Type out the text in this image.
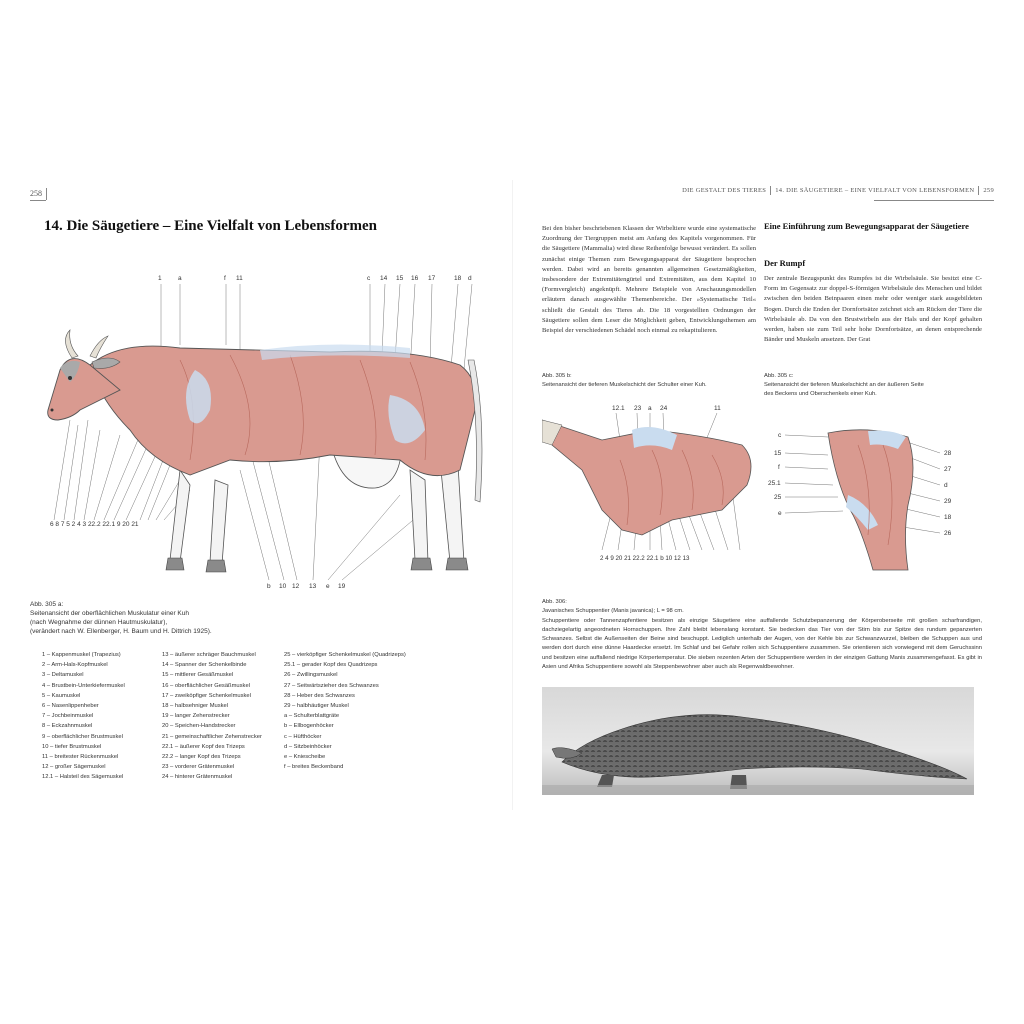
258
14. Die Säugetiere – Eine Vielfalt von Lebensformen
1	a	f 11	c 14 15 16 17	18 d
6 8 7 5 2 4 3 22.2 22.1 9 20 21
b 10 12 13 e 19
Abb. 305 a:
Seitenansicht der oberflächlichen Muskulatur einer Kuh
(nach Wegnahme der dünnen Hautmuskulatur),
(verändert nach W. Ellenberger, H. Baum und H. Dittrich 1925).
1 – Kappenmuskel (Trapezius)
2 – Arm-Hals-Kopfmuskel
3 – Deltamuskel
4 – Brustbein-Unterkiefermuskel
5 – Kaumuskel
6 – Nasenlippenheber
7 – Jochbeinmuskel
8 – Eckzahnmuskel
9 – oberflächlicher Brustmuskel
10 – tiefer Brustmuskel
11 – breitester Rückenmuskel
12 – großer Sägemuskel
12.1 – Halsteil des Sägemuskel
13 – äußerer schräger Bauchmuskel
14 – Spanner der Schenkelbinde
15 – mittlerer Gesäßmuskel
16 – oberflächlicher Gesäßmuskel
17 – zweiköpfiger Schenkelmuskel
18 – halbsehniger Muskel
19 – langer Zehenstrecker
20 – Speichen-Handstrecker
21 – gemeinschaftlicher Zehenstrecker
22.1 – äußerer Kopf des Trizeps
22.2 – langer Kopf des Trizeps
23 – vorderer Grätenmuskel
24 – hinterer Grätenmuskel
25 – vierköpfiger Schenkelmuskel (Quadrizeps)
25.1 – gerader Kopf des Quadrizeps
26 – Zwillingsmuskel
27 – Seitwärtszieher des Schwanzes
28 – Heber des Schwanzes
29 – halbhäutiger Muskel
a – Schulterblattgräte
b – Ellbogenhöcker
c – Hüfthöcker
d – Sitzbeinhöcker
e – Kniescheibe
f – breites Beckenband
DIE GESTALT DES TIERES 14. DIE SÄUGETIERE – EINE VIELFALT VON LEBENSFORMEN 259
Bei den bisher beschriebenen Klassen der Wirbeltiere wurde eine systematische Zuordnung der Tiergruppen meist am Anfang des Kapitels vorgenommen. Für die Säugetiere (Mammalia) wird diese Reihenfolge bewusst verändert. Es sollen zunächst einige Themen zum Bewegungsapparat der Säugetiere besprochen werden. Dabei wird an bereits genannten allgemeinen Gesetzmäßigkeiten, insbesondere der Extremitätengürtel und Extremitäten, aus dem Kapitel 10 (Formvergleich) angeknüpft. Mehrere Beispiele von Anschauungsmodellen erläutern danach ausgewählte Themenbereiche. Der »Systematische Teil« schließt die Gestalt des Tieres ab. Die 18 vorgestellten Ordnungen der Säugetiere sollen dem Leser die Möglichkeit geben, Entwicklungsthemen am Beispiel der verschiedenen Schädel noch einmal zu rekapitulieren.
Eine Einführung zum Bewegungsapparat der Säugetiere
Der Rumpf
Der zentrale Bezugspunkt des Rumpfes ist die Wirbelsäule. Sie besitzt eine C-Form im Gegensatz zur doppel-S-förmigen Wirbelsäule des Menschen und bildet zwischen den beiden Beinpaaren einen mehr oder weniger stark ausgebildeten Bogen. Durch die Enden der Dornfortsätze zeichnet sich am Rücken der Tiere die Wirbelsäule ab. Da von den Brustwirbeln aus der Hals und der Kopf gehalten werden, haben sie zum Teil sehr hohe Dornfortsätze, an denen entsprechende Bänder und Muskeln ansetzen. Der Grat
Abb. 305 b:
Seitenansicht der tieferen Muskelschicht der Schulter einer Kuh.
Abb. 305 c:
Seitenansicht der tieferen Muskelschicht an der äußeren Seite
des Beckens und Oberschenkels einer Kuh.
12.1 23 a 24	11
2 4 9 20 21 22.2 22.1 b 10 12 13
c
15
f
25.1
25
e
28
27
d
29
18
26
Abb. 306:
Javanisches Schuppentier (Manis javanica); L = 98 cm.
Schuppentiere oder Tannenzapfentiere besitzen als einzige Säugetiere eine auffallende Schutzbepanzerung der Körperoberseite mit großen scharfrandigen, dachziegelartig angeordneten Hornschuppen. Ihre Zahl bleibt lebenslang konstant. Sie bedecken das Tier von der Stirn bis zur Spitze des rundum gepanzerten Schwanzes. Selbst die Außenseiten der Beine sind beschuppt. Lediglich unterhalb der Augen, von der Kehle bis zur Schwanzwurzel, bleiben die Schuppen aus und werden dort durch eine dünne Haardecke ersetzt. Im Schlaf und bei Gefahr rollen sich Schuppentiere zusammen. Sie orientieren sich vorwiegend mit dem Geruchssinn und besitzen eine auffallend niedrige Körpertemperatur. Die sieben rezenten Arten der Schuppentiere werden in der einzigen Gattung Manis zusammengefasst. Es gibt in Asien und Afrika Schuppentiere sowohl als Steppenbewohner aber auch als Regenwaldbewohner.
